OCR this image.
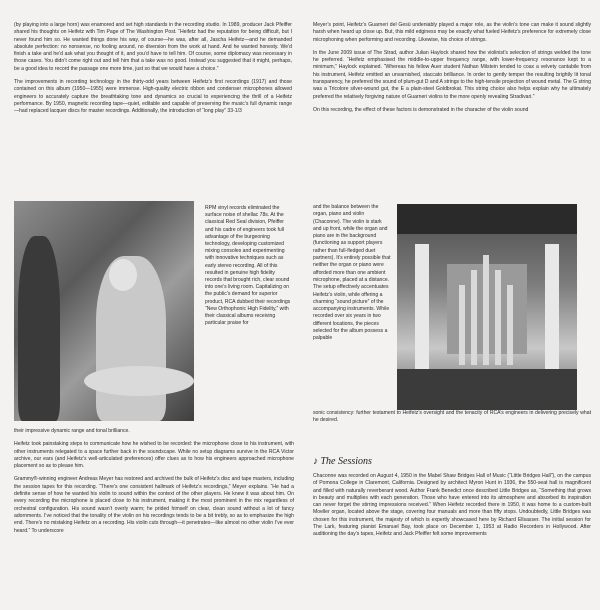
(by playing into a large horn) was enamored and set high standards in the recording studio. In 1989, producer Jack Pfeiffer shared his thoughts on Heifetz with Tim Page of The Washington Post. “Heifetz had the reputation for being difficult, but I never found him so. He wanted things done his way, of course—he was, after all, Jascha Heifetz—and he demanded absolute perfection: no nonsense, no fooling around, no diversion from the work at hand. And he wanted honesty. We’d finish a take and he’d ask what you thought of it, and you’d have to tell him. Of course, some diplomacy was necessary in those cases. You didn’t come right out and tell him that a take was no good. Instead you suggested that it might, perhaps, be a good idea to record the passage one more time, just so that we would have a choice.”

The improvements in recording technology in the thirty-odd years between Heifetz’s first recordings (1917) and those contained on this album (1950—1955) were immense. High-quality electric ribbon and condenser microphones allowed engineers to accurately capture the breathtaking tone and dynamics so crucial to experiencing the thrill of a Heifetz performance. By 1950, magnetic recording tape—quiet, editable and capable of preserving the music’s full dynamic range—had replaced lacquer discs for master recordings. Additionally, the introduction of “long play” 33-1/3

RPM vinyl records eliminated the surface noise of shellac 78s. At the classical Red Seal division, Pfeiffer and his cadre of engineers took full advantage of the burgeoning technology, developing customized mixing consoles and experimenting with innovative techniques such as early stereo recording. All of this resulted in genuine high fidelity records that brought rich, clear sound into one’s living room. Capitalizing on the public’s demand for superior product, RCA dubbed their recordings “New Orthophonic High Fidelity,” with their classical albums receiving particular praise for

their impressive dynamic range and tonal brilliance.

Heifetz took painstaking steps to communicate how he wished to be recorded: the microphone close to his instrument, with other instruments relegated to a space further back in the soundscape. While no setup diagrams survive in the RCA Victor archive, our ears (and Heifetz’s well-articulated preferences) offer clues as to how his engineers approached microphone placement so as to please him.

Grammy®-winning engineer Andreas Meyer has restored and archived the bulk of Heifetz’s disc and tape masters, including the session tapes for this recording. “There’s one consistent hallmark of Heifetz’s recordings,” Meyer explains. “He had a definite sense of how he wanted his violin to sound within the context of the other players. He knew it was about him. On every recording the microphone is placed close to his instrument, making it the most prominent in the mix regardless of orchestral configuration. His sound wasn’t overly warm; he prided himself on clear, clean sound without a lot of fancy adornments. I’ve noticed that the tonality of the violin on his recordings tends to be a bit trebly, so as to emphasize the high end. There’s no mistaking Heifetz on a recording. His violin cuts through—it penetrates—like almost no other violin I’ve ever heard.” To underscore

Meyer’s point, Heifetz’s Guarneri del Gesù undeniably played a major role, as the violin’s tone can make it sound slightly harsh when heard up close up. But, this mild edginess may be exactly what fueled Heifetz’s preference for extremely close microphoning when performing and recording. Likewise, his choice of strings.

In the June 2009 issue of The Strad, author Julian Haylock shared how the violinist’s selection of strings welded the tone he preferred. “Heifetz emphasised the middle-to-upper frequency range, with lower-frequency resonance kept to a minimum,” Haylock explained. “Whereas his fellow Auer student Nathan Milstein tended to coax a velvety cantabile from his instrument, Heifetz emitted an unvarnished, staccato brilliance. In order to gently temper the resulting brightly lit tonal transparency, he preferred the sound of plum-gut D and A strings to the high-tensile projection of wound metal. The G string was a Tricolore silver-wound gut, the E a plain-steel Goldbrokat. This string choice also helps explain why he ultimately preferred the relatively forgiving nature of Guarneri violins to the more openly revealing Stradivari.”

On this recording, the effect of these factors is demonstrated in the character of the violin sound

and the balance between the organ, piano and violin (Chaconne). The violin is stark and up front, while the organ and piano are in the background (functioning as support players rather than full-fledged duet partners). It’s entirely possible that neither the organ or piano were afforded more than one ambient microphone, placed at a distance. The setup effectively accentuates Heifetz’s violin, while offering a charming “sound picture” of the accompanying instruments. While recorded over six years in two different locations, the pieces selected for the album possess a palpable
sonic consistency: further testament to Heifetz’s oversight and the tenacity of RCA’s engineers in delivering precisely what he desired.
♪ The Sessions
Chaconne was recorded on August 4, 1950 in the Mabel Shaw Bridges Hall of Music (“Little Bridges Hall”), on the campus of Pomona College in Claremont, California. Designed by architect Myron Hunt in 1936, the 550-seat hall is magnificent and filled with naturally reverberant wood. Author Frank Benedict once described Little Bridges as, “Something that grows in beauty and multiplies with each generation. Those who have entered into its atmosphere and absorbed its inspiration can never forget the stirring impressions received.” When Heifetz recorded there in 1950, it was home to a custom-built Moeller organ, located above the stage, covering four manuals and more than fifty stops. Undoubtedly, Little Bridges was chosen for this instrument, the majesty of which is expertly showcased here by Richard Ellsasser. The initial session for The Lark, featuring pianist Emanuel Bay, took place on December 1, 1953 at Radio Recorders in Hollywood. After auditioning the day’s tapes, Heifetz and Jack Pfeiffer felt some improvements
